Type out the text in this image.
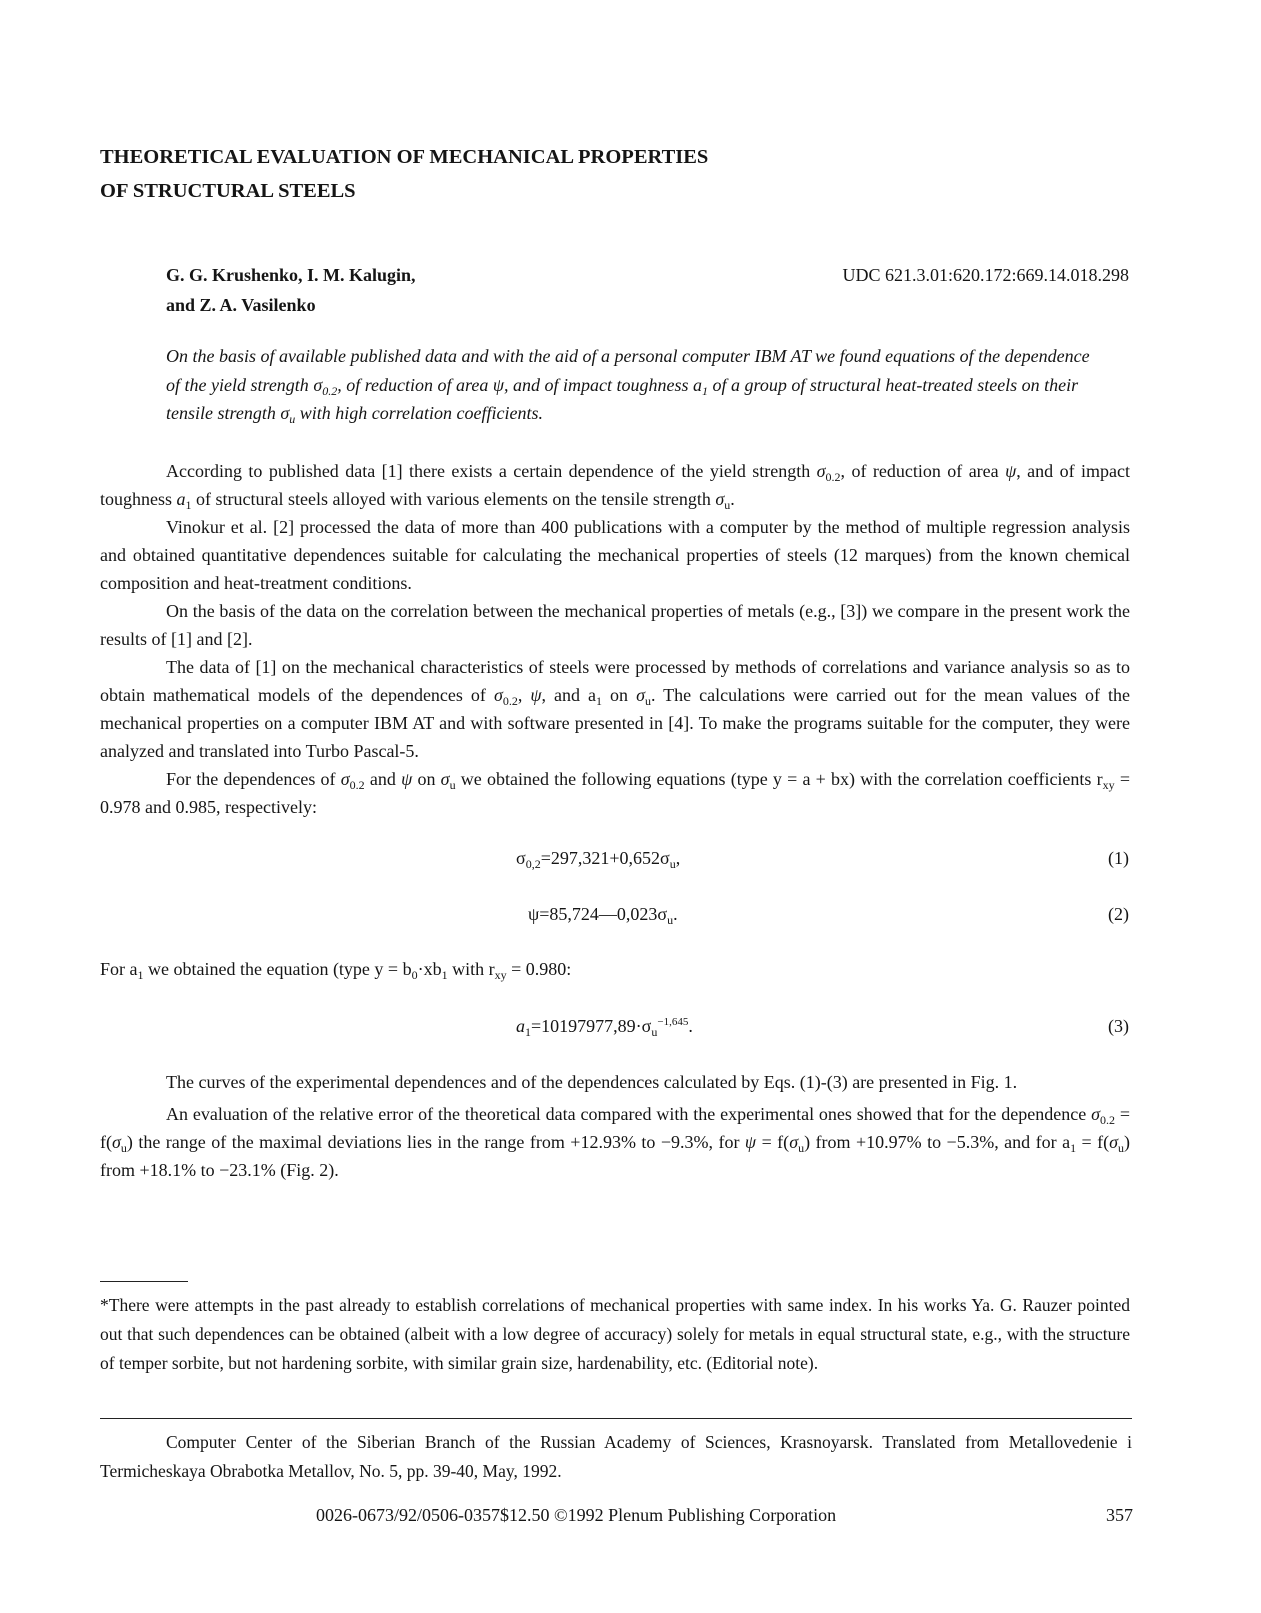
THEORETICAL EVALUATION OF MECHANICAL PROPERTIES
OF STRUCTURAL STEELS
G. G. Krushenko, I. M. Kalugin,
and Z. A. Vasilenko
UDC 621.3.01:620.172:669.14.018.298

On the basis of available published data and with the aid of a personal computer IBM AT we found equations of the dependence of the yield strength $\sigma_{0.2}$, of reduction of area ψ, and of impact toughness $a_1$ of a group of structural heat-treated steels on their tensile strength $\sigma_u$ with high correlation coefficients.

According to published data [1] there exists a certain dependence of the yield strength $\sigma_{0.2}$, of reduction of area ψ, and of impact toughness $a_1$ of structural steels alloyed with various elements on the tensile strength $\sigma_u$.

Vinokur et al. [2] processed the data of more than 400 publications with a computer by the method of multiple regression analysis and obtained quantitative dependences suitable for calculating the mechanical properties of steels (12 marques) from the known chemical composition and heat-treatment conditions.

On the basis of the data on the correlation between the mechanical properties of metals (e.g., [3]) we compare in the present work the results of [1] and [2].

The data of [1] on the mechanical characteristics of steels were processed by methods of correlations and variance analysis so as to obtain mathematical models of the dependences of $\sigma_{0.2}$, ψ, and $a_1$ on $\sigma_u$. The calculations were carried out for the mean values of the mechanical properties on a computer IBM AT and with software presented in [4]. To make the programs suitable for the computer, they were analyzed and translated into Turbo Pascal-5.

For the dependences of $\sigma_{0.2}$ and ψ on $\sigma_u$ we obtained the following equations (type y = a + bx) with the correlation coefficients $r_{xy} = 0.978$ and 0.985, respectively:

$\sigma_{0,2}=297,321+0,652\sigma_u$,	(1)
$\psi=85,724—0,023\sigma_u$.	(2)

For $a_1$ we obtained the equation (type $y = b_0\cdot xb_1$ with $r_{xy} = 0.980$:

$a_1=10197977,89\cdot\sigma_u^{-1,645}$.	(3)

The curves of the experimental dependences and of the dependences calculated by Eqs. (1)-(3) are presented in Fig. 1.

An evaluation of the relative error of the theoretical data compared with the experimental ones showed that for the dependence $\sigma_{0.2} = f(\sigma_u)$ the range of the maximal deviations lies in the range from +12.93% to −9.3%, for $\psi = f(\sigma_u)$ from +10.97% to −5.3%, and for $a_1 = f(\sigma_u)$ from +18.1% to −23.1% (Fig. 2).

*There were attempts in the past already to establish correlations of mechanical properties with same index. In his works Ya. G. Rauzer pointed out that such dependences can be obtained (albeit with a low degree of accuracy) solely for metals in equal structural state, e.g., with the structure of temper sorbite, but not hardening sorbite, with similar grain size, hardenability, etc. (Editorial note).

Computer Center of the Siberian Branch of the Russian Academy of Sciences, Krasnoyarsk. Translated from Metallovedenie i Termicheskaya Obrabotka Metallov, No. 5, pp. 39-40, May, 1992.

0026-0673/92/0506-0357$12.50 ©1992 Plenum Publishing Corporation	357
